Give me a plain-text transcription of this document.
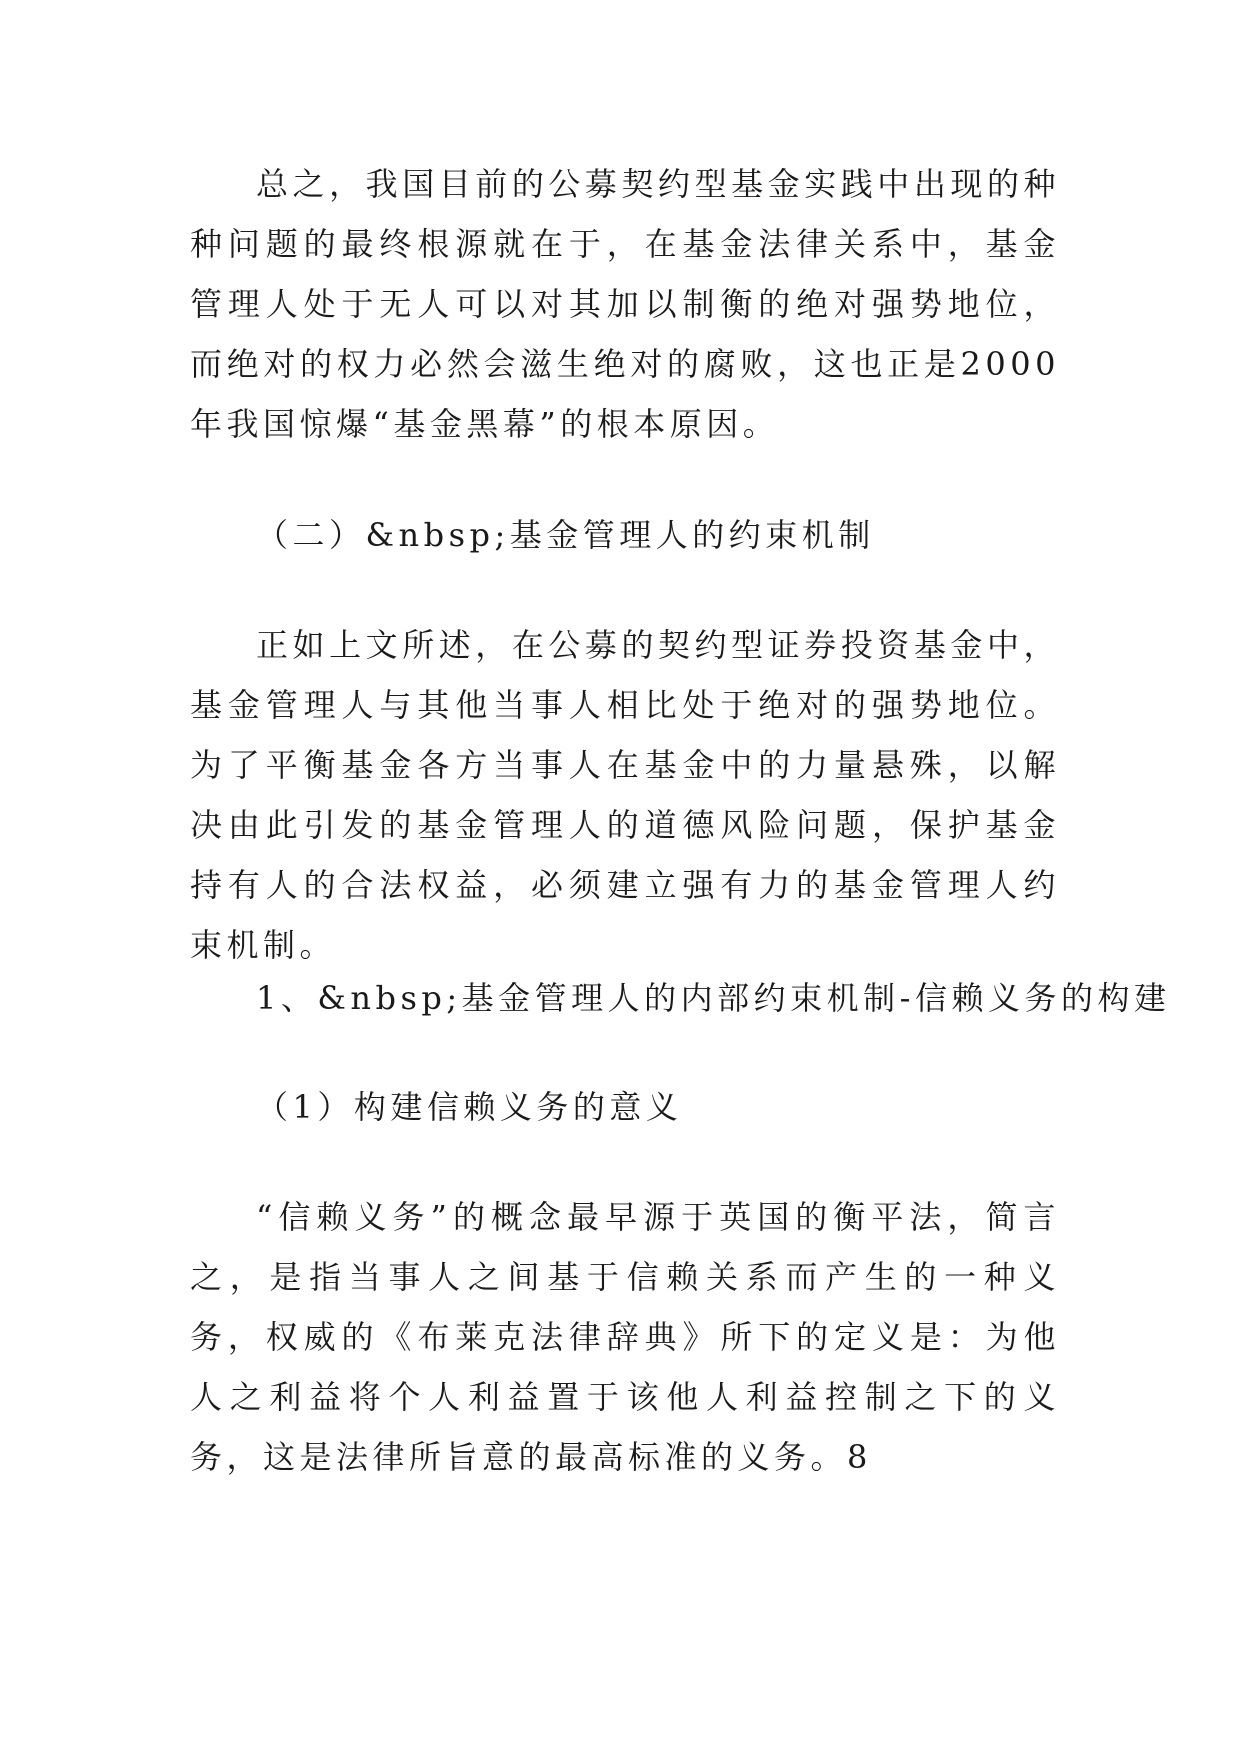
总之，我国目前的公募契约型基金实践中出现的种种问题的最终根源就在于，在基金法律关系中，基金管理人处于无人可以对其加以制衡的绝对强势地位，而绝对的权力必然会滋生绝对的腐败，这也正是2000年我国惊爆“基金黑幕”的根本原因。

（二）&nbsp;基金管理人的约束机制

正如上文所述，在公募的契约型证券投资基金中，基金管理人与其他当事人相比处于绝对的强势地位。为了平衡基金各方当事人在基金中的力量悬殊，以解决由此引发的基金管理人的道德风险问题，保护基金持有人的合法权益，必须建立强有力的基金管理人约束机制。

1、&nbsp;基金管理人的内部约束机制-信赖义务的构建

（1）构建信赖义务的意义

“信赖义务”的概念最早源于英国的衡平法，简言之，是指当事人之间基于信赖关系而产生的一种义务，权威的《布莱克法律辞典》所下的定义是：为他人之利益将个人利益置于该他人利益控制之下的义务，这是法律所旨意的最高标准的义务。8
